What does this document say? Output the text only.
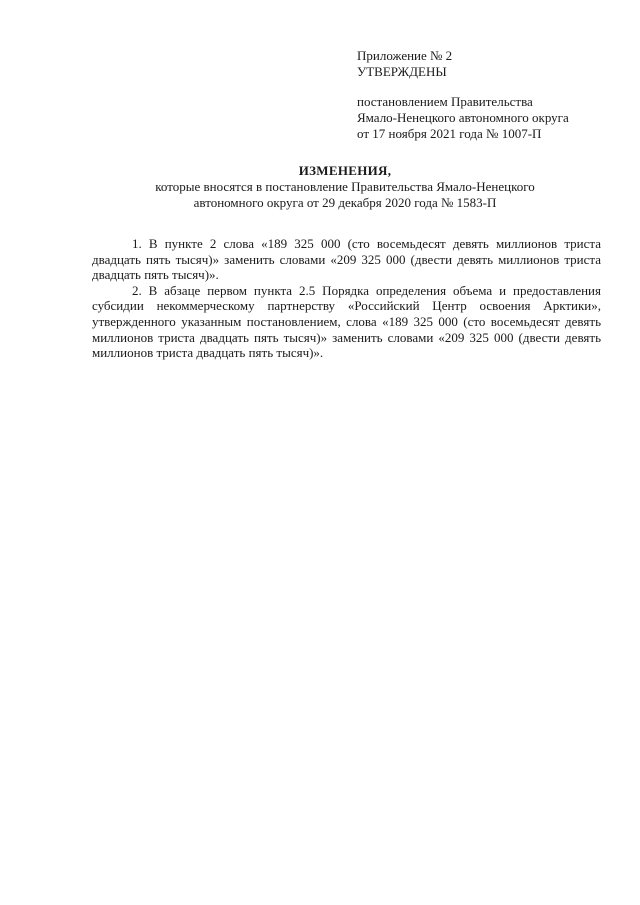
Приложение № 2
УТВЕРЖДЕНЫ
постановлением Правительства
Ямало-Ненецкого автономного округа
от 17 ноября 2021 года № 1007-П
ИЗМЕНЕНИЯ,
которые вносятся в постановление Правительства Ямало-Ненецкого
автономного округа от 29 декабря 2020 года № 1583-П

1. В пункте 2 слова «189 325 000 (сто восемьдесят девять миллионов триста двадцать пять тысяч)» заменить словами «209 325 000 (двести девять миллионов триста двадцать пять тысяч)».

2. В абзаце первом пункта 2.5 Порядка определения объема и предоставления субсидии некоммерческому партнерству «Российский Центр освоения Арктики», утвержденного указанным постановлением, слова «189 325 000 (сто восемьдесят девять миллионов триста двадцать пять тысяч)» заменить словами «209 325 000 (двести девять миллионов триста двадцать пять тысяч)».
